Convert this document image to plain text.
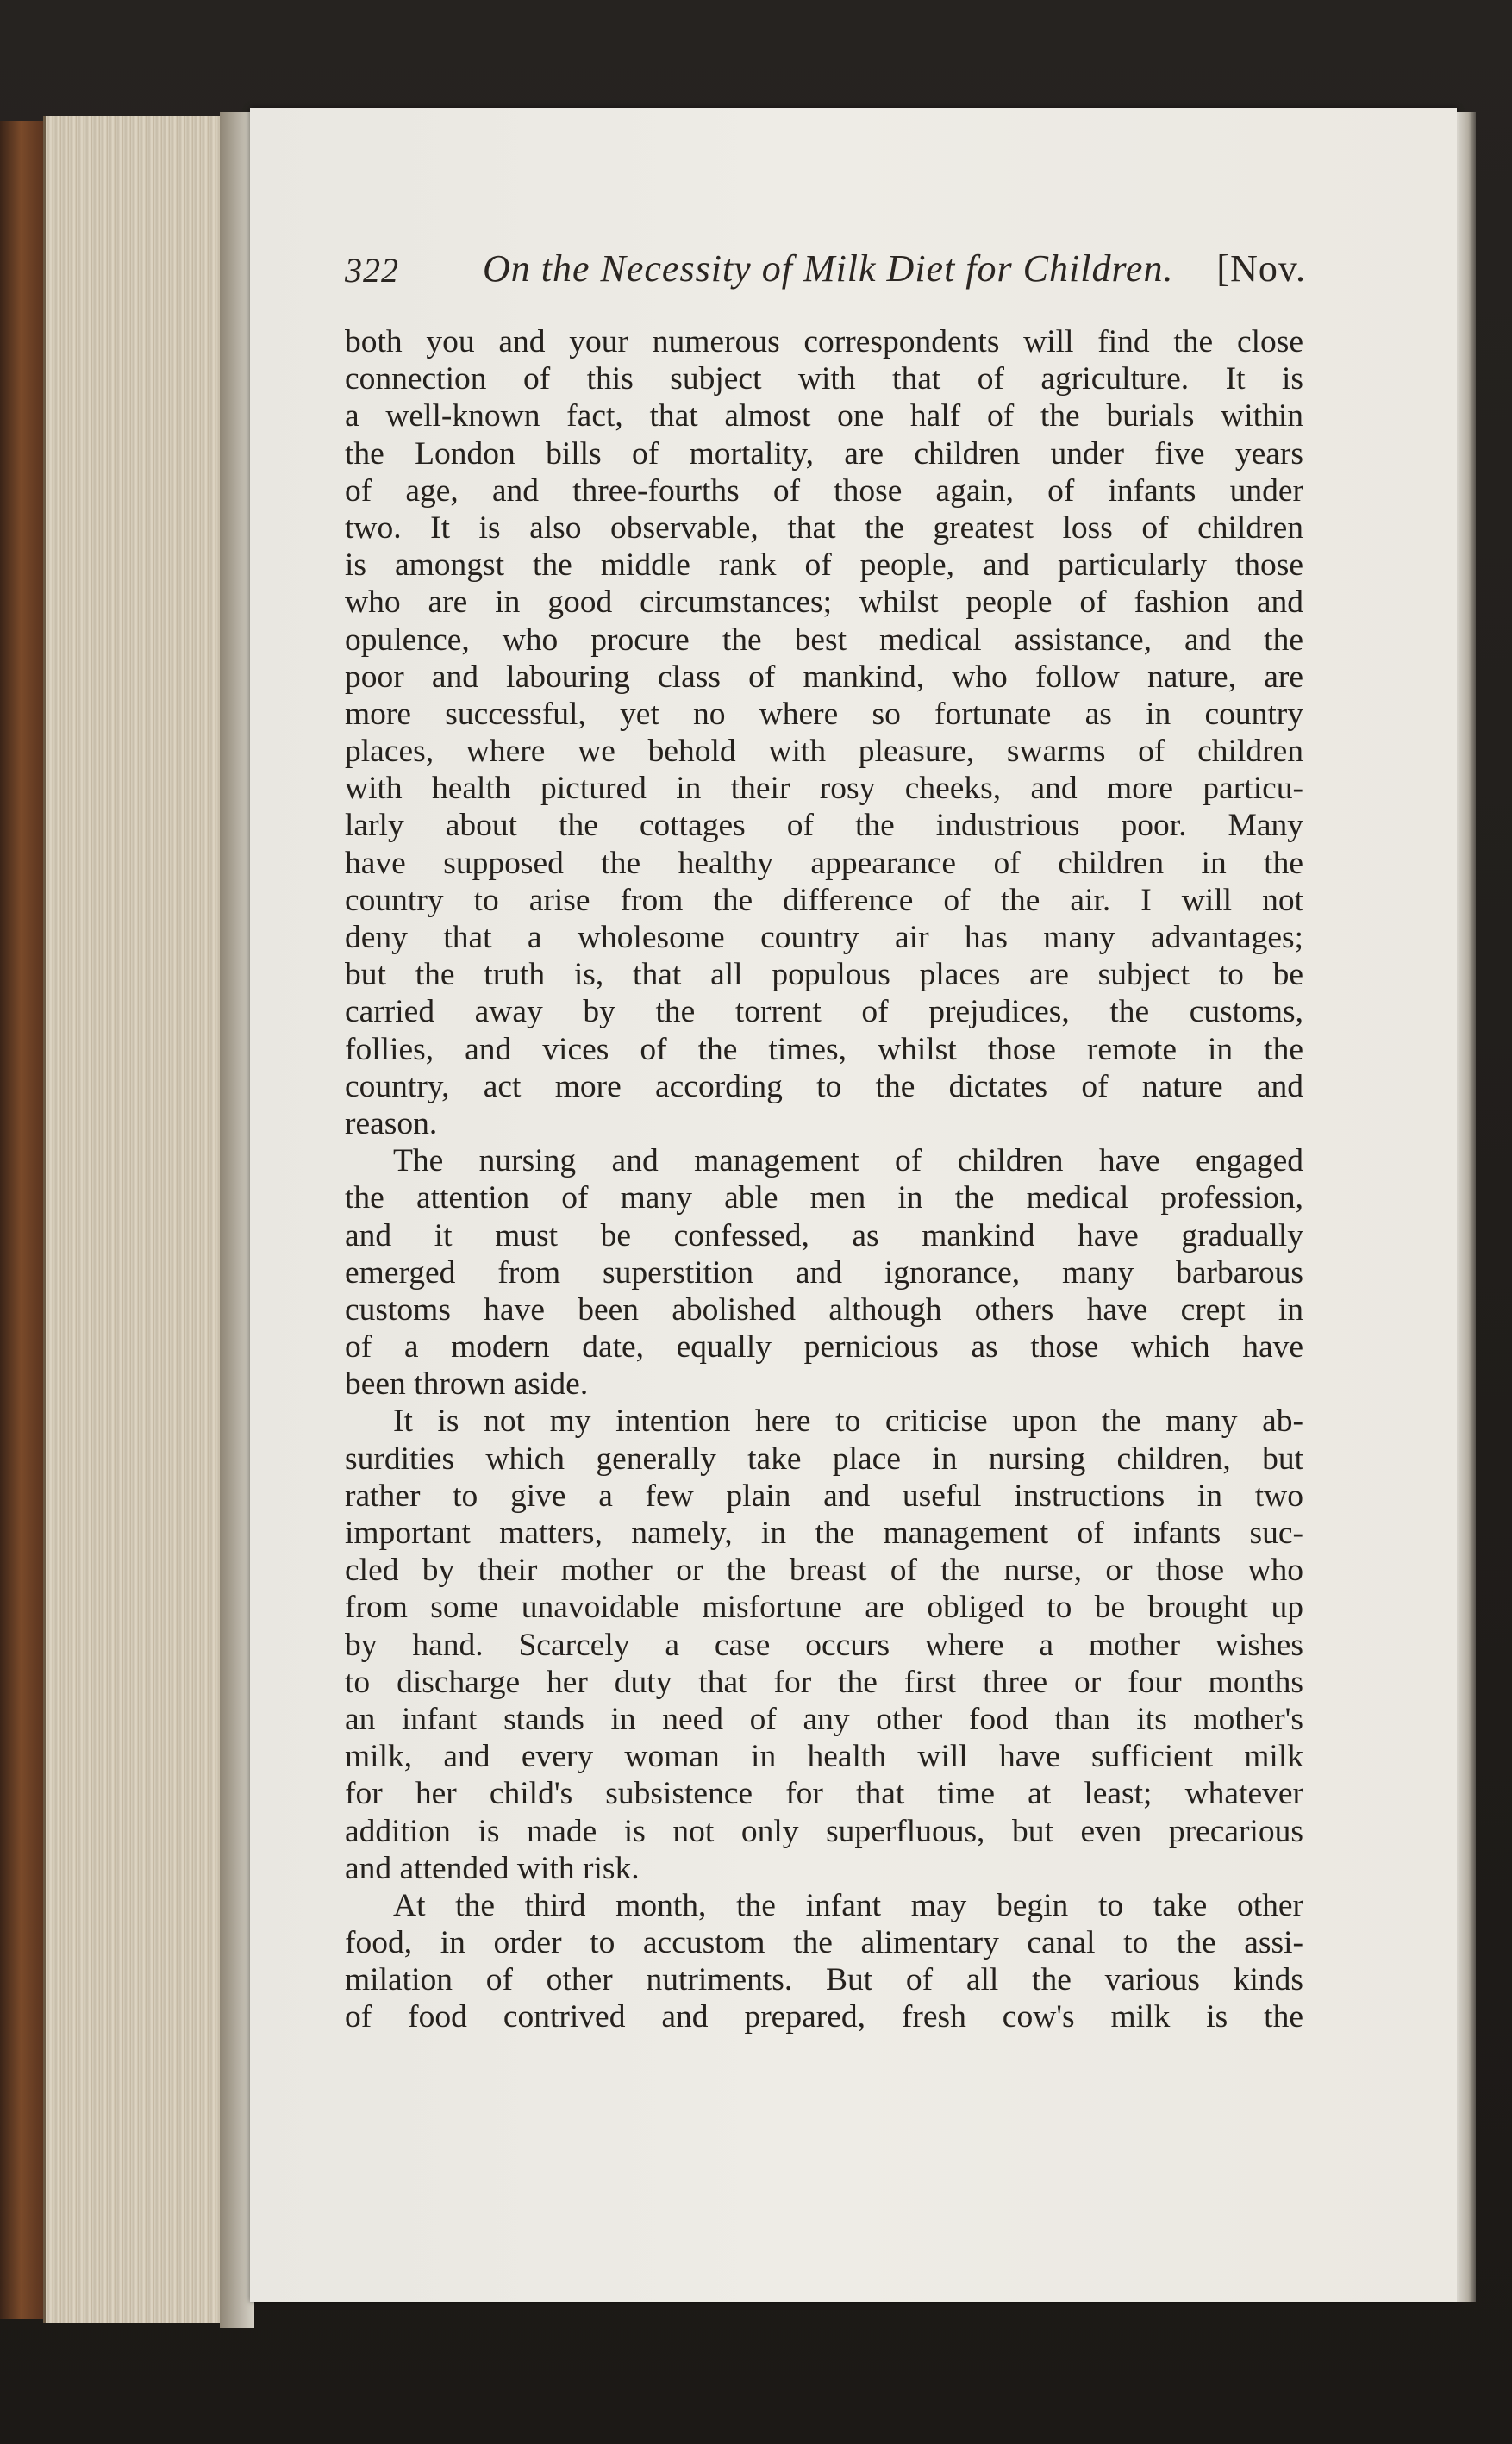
322 On the Necessity of Milk Diet for Children. [Nov.
both you and your numerous correspondents will find the close
connection of this subject with that of agriculture. It is
a well-known fact, that almost one half of the burials within
the London bills of mortality, are children under five years
of age, and three-fourths of those again, of infants under
two. It is also observable, that the greatest loss of children
is amongst the middle rank of people, and particularly those
who are in good circumstances; whilst people of fashion and
opulence, who procure the best medical assistance, and the
poor and labouring class of mankind, who follow nature, are
more successful, yet no where so fortunate as in country
places, where we behold with pleasure, swarms of children
with health pictured in their rosy cheeks, and more particu-
larly about the cottages of the industrious poor. Many
have supposed the healthy appearance of children in the
country to arise from the difference of the air. I will not
deny that a wholesome country air has many advantages;
but the truth is, that all populous places are subject to be
carried away by the torrent of prejudices, the customs,
follies, and vices of the times, whilst those remote in the
country, act more according to the dictates of nature and
reason.
The nursing and management of children have engaged
the attention of many able men in the medical profession,
and it must be confessed, as mankind have gradually
emerged from superstition and ignorance, many barbarous
customs have been abolished although others have crept in
of a modern date, equally pernicious as those which have
been thrown aside.
It is not my intention here to criticise upon the many ab-
surdities which generally take place in nursing children, but
rather to give a few plain and useful instructions in two
important matters, namely, in the management of infants suc-
cled by their mother or the breast of the nurse, or those who
from some unavoidable misfortune are obliged to be brought up
by hand. Scarcely a case occurs where a mother wishes
to discharge her duty that for the first three or four months
an infant stands in need of any other food than its mother's
milk, and every woman in health will have sufficient milk
for her child's subsistence for that time at least; whatever
addition is made is not only superfluous, but even precarious
and attended with risk.
At the third month, the infant may begin to take other
food, in order to accustom the alimentary canal to the assi-
milation of other nutriments. But of all the various kinds
of food contrived and prepared, fresh cow's milk is the
